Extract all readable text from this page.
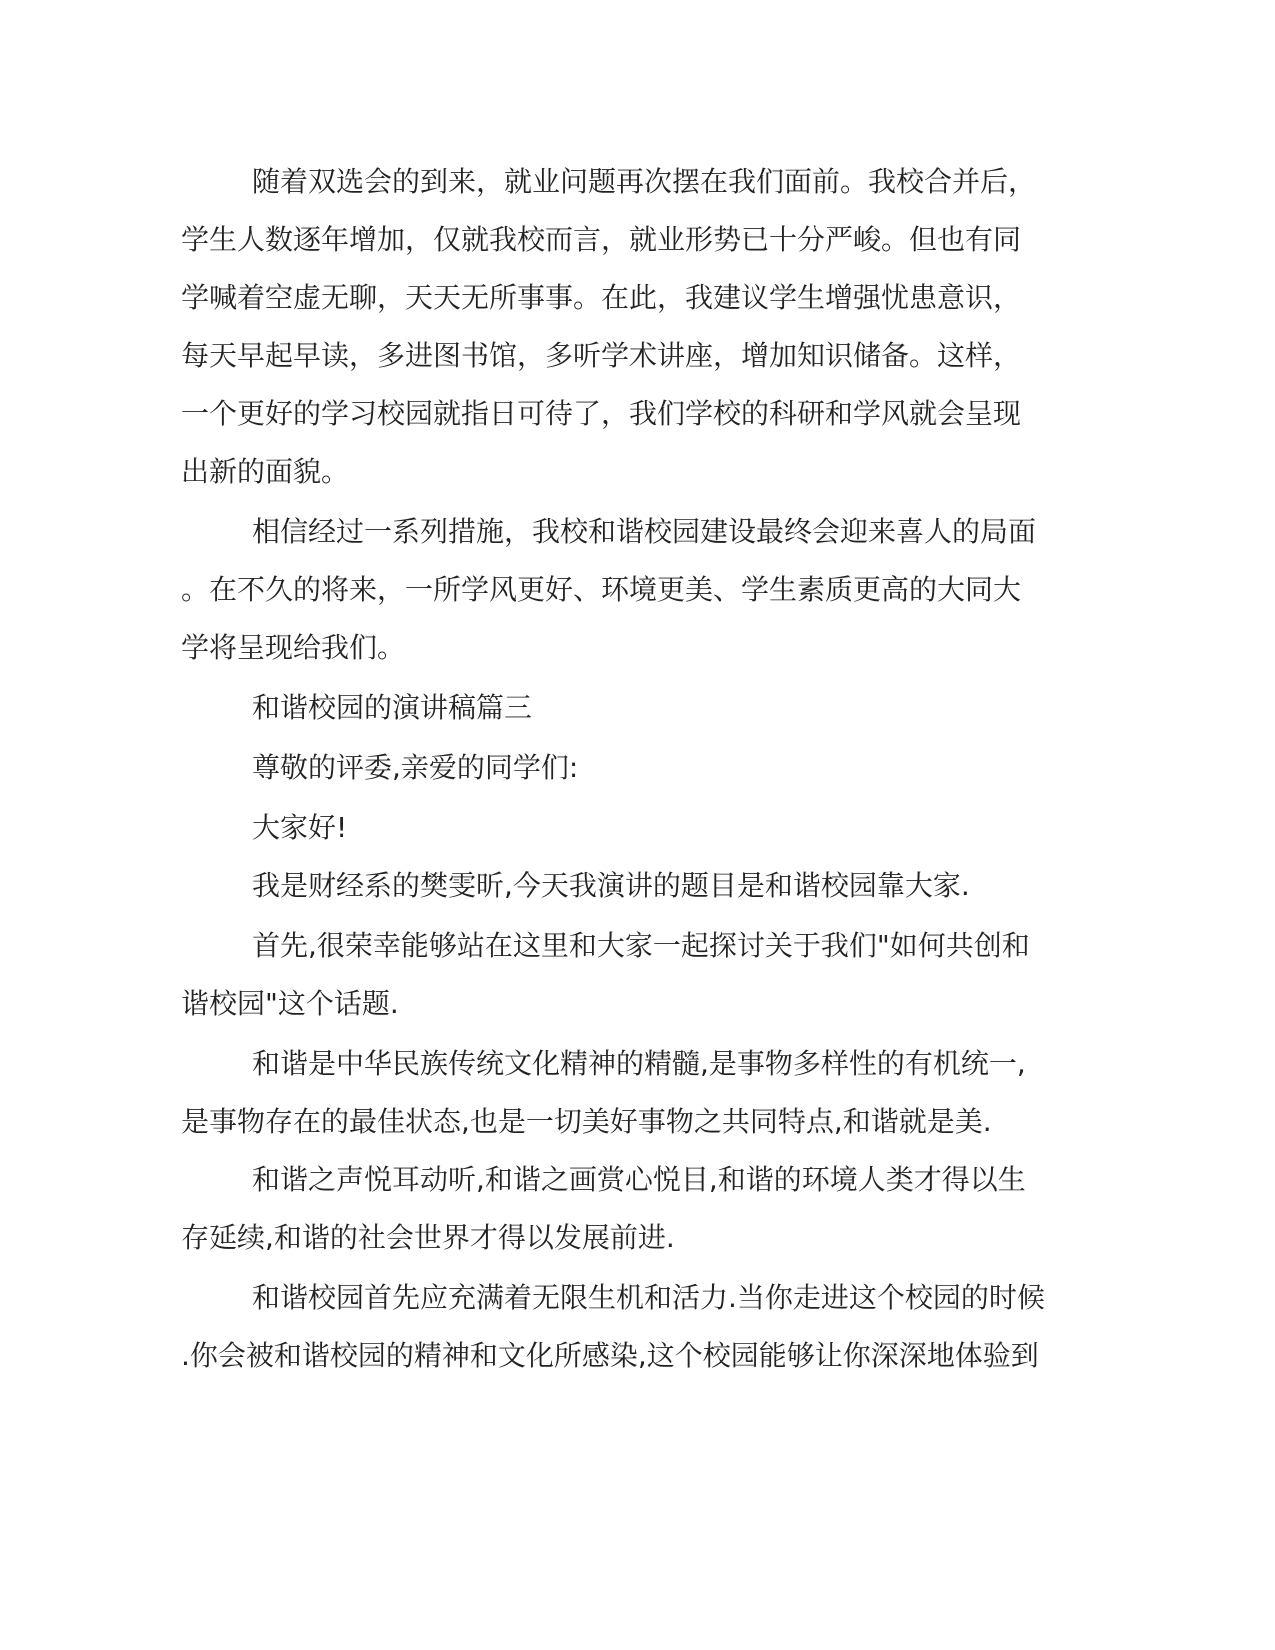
随着双选会的到来，就业问题再次摆在我们面前。我校合并后，

学生人数逐年增加，仅就我校而言，就业形势已十分严峻。但也有同

学喊着空虚无聊，天天无所事事。在此，我建议学生增强忧患意识，

每天早起早读，多进图书馆，多听学术讲座，增加知识储备。这样，

一个更好的学习校园就指日可待了，我们学校的科研和学风就会呈现

出新的面貌。

相信经过一系列措施，我校和谐校园建设最终会迎来喜人的局面

。在不久的将来，一所学风更好、环境更美、学生素质更高的大同大

学将呈现给我们。

和谐校园的演讲稿篇三

尊敬的评委,亲爱的同学们:

大家好!

我是财经系的樊雯昕,今天我演讲的题目是和谐校园靠大家.

首先,很荣幸能够站在这里和大家一起探讨关于我们"如何共创和

谐校园"这个话题.

和谐是中华民族传统文化精神的精髓,是事物多样性的有机统一,

是事物存在的最佳状态,也是一切美好事物之共同特点,和谐就是美.

和谐之声悦耳动听,和谐之画赏心悦目,和谐的环境人类才得以生

存延续,和谐的社会世界才得以发展前进.

和谐校园首先应充满着无限生机和活力.当你走进这个校园的时候

.你会被和谐校园的精神和文化所感染,这个校园能够让你深深地体验到
